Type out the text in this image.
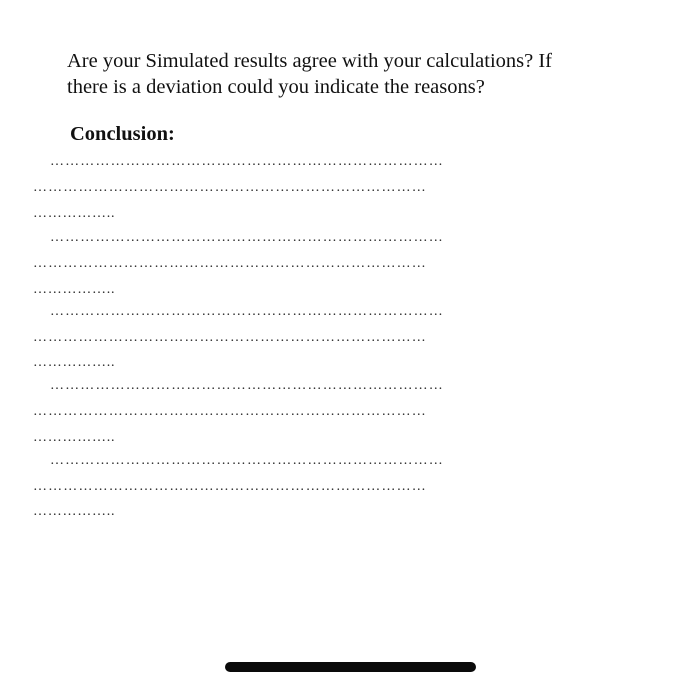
Are your Simulated results agree with your calculations? If
there is a deviation could you indicate the reasons?

Conclusion:
……………………………………………………………………
……………………………………………………………………
……………..
……………………………………………………………………
……………………………………………………………………
……………..
……………………………………………………………………
……………………………………………………………………
……………..
……………………………………………………………………
……………………………………………………………………
……………..
……………………………………………………………………
……………………………………………………………………
……………..
